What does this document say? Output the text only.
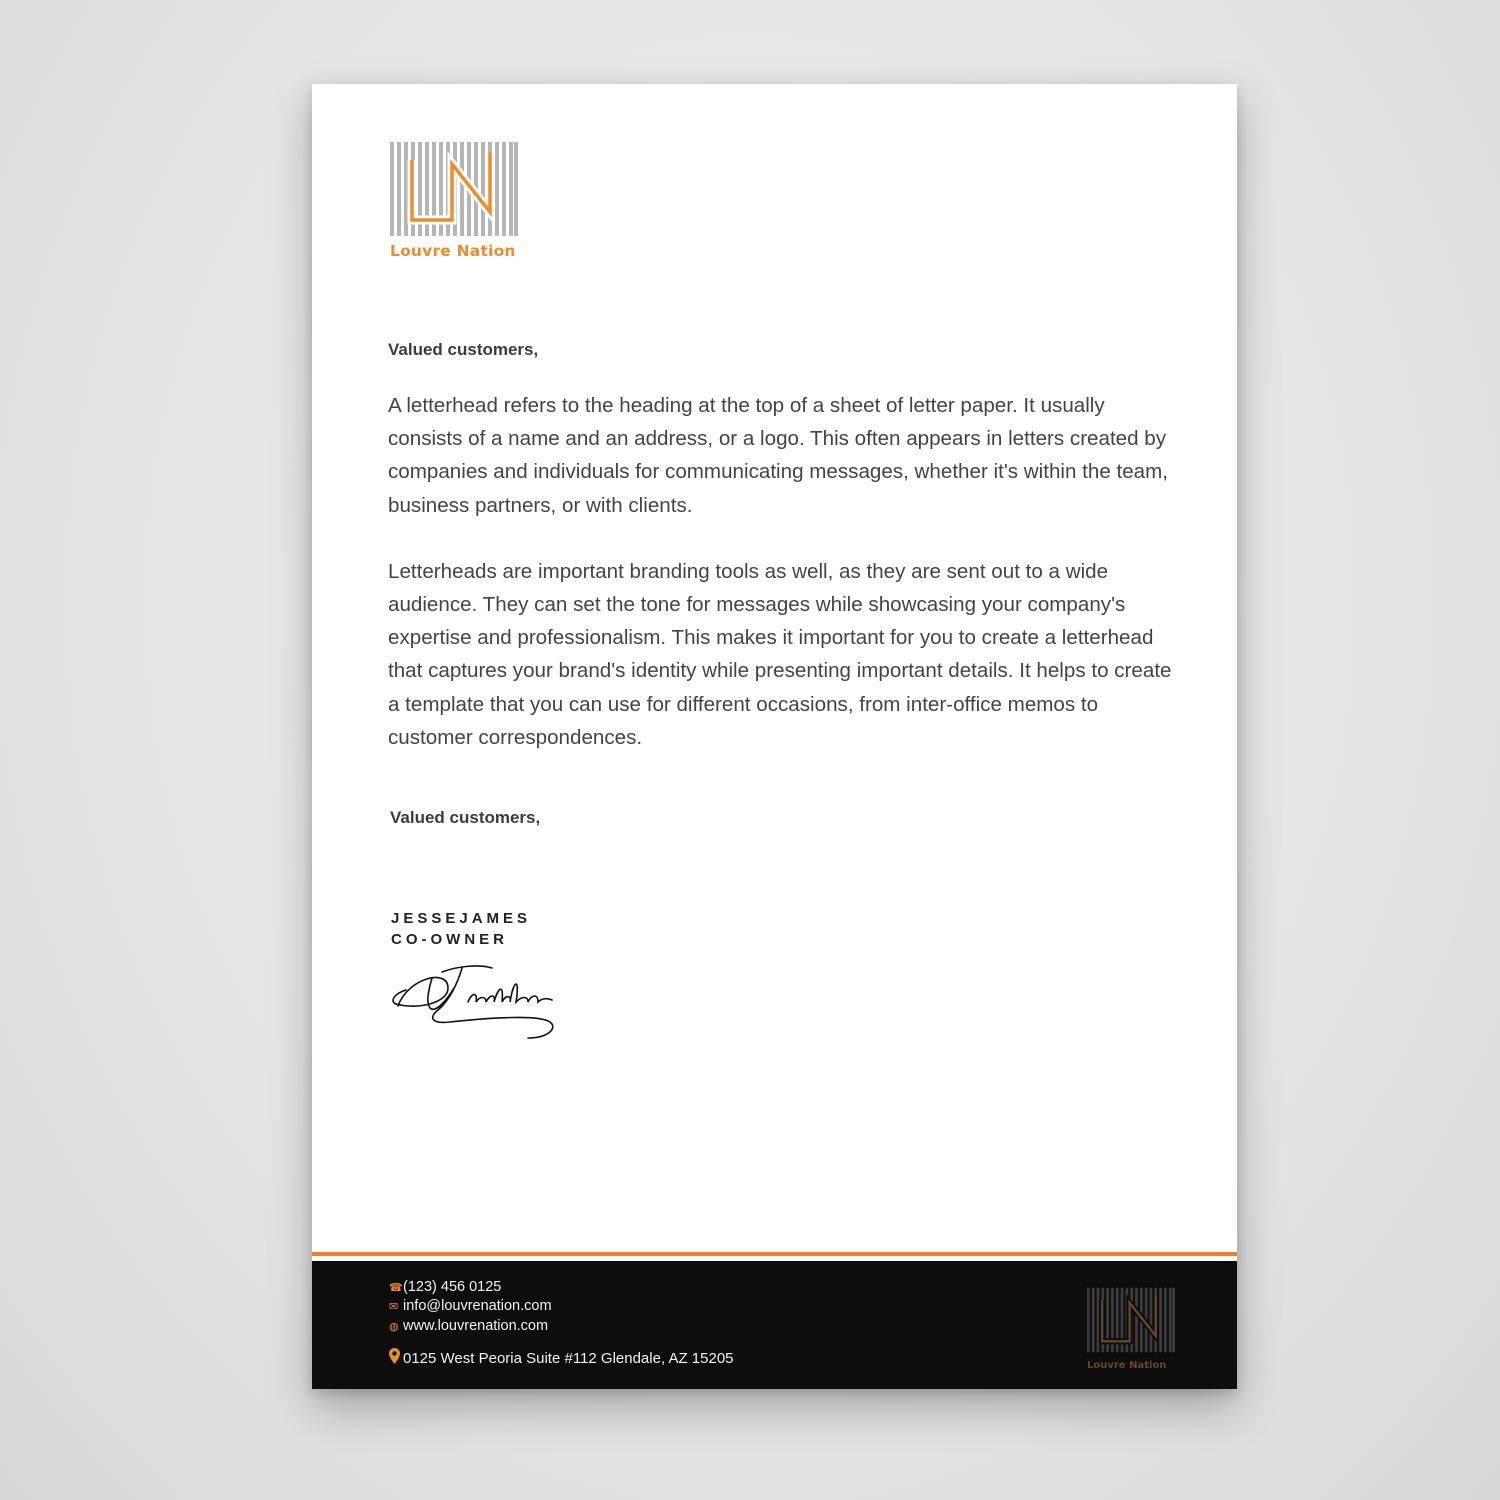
Louvre Nation
Valued customers,

A letterhead refers to the heading at the top of a sheet of letter paper. It usually consists of a name and an address, or a logo. This often appears in letters created by companies and individuals for communicating messages, whether it's within the team, business partners, or with clients.

Letterheads are important branding tools as well, as they are sent out to a wide audience. They can set the tone for messages while showcasing your company's expertise and professionalism. This makes it important for you to create a letterhead that captures your brand's identity while presenting important details. It helps to create a template that you can use for different occasions, from inter-office memos to customer correspondences.

Valued customers,
JESSEJAMES
CO-OWNER
☎ (123) 456 0125
✉ info@louvrenation.com
◍ www.louvrenation.com
0125 West Peoria Suite #112 Glendale, AZ 15205	Louvre Nation
